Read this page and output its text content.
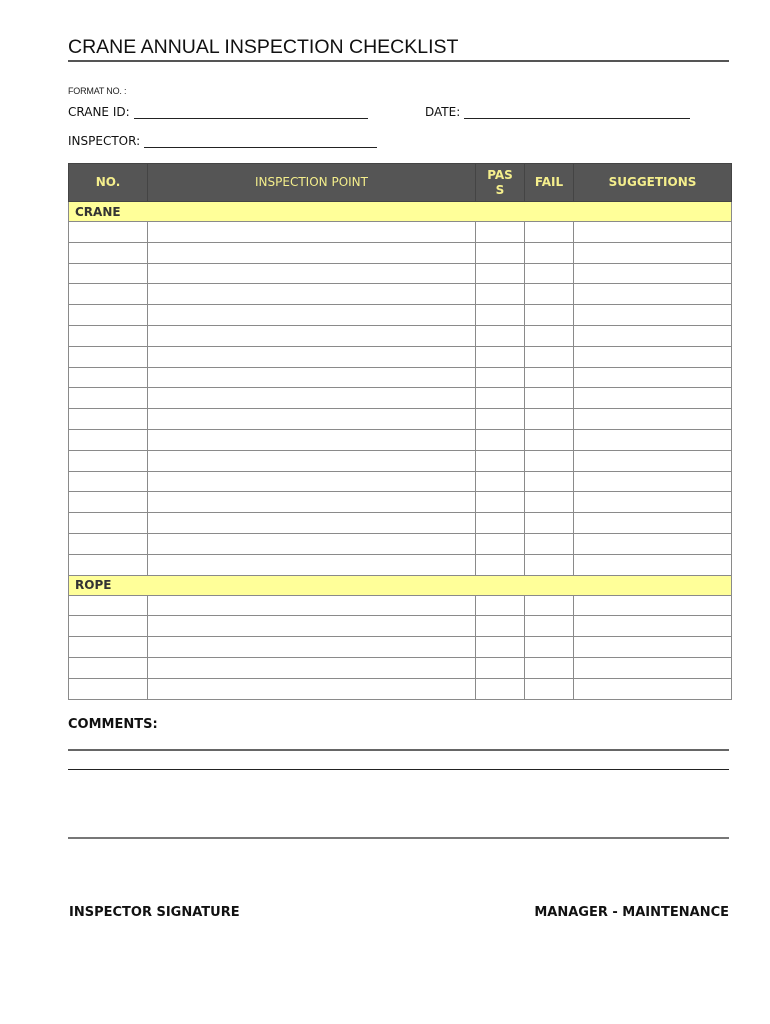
CRANE ANNUAL INSPECTION CHECKLIST
FORMAT NO. :
CRANE ID:	DATE:
INSPECTOR:
NO.	INSPECTION POINT	PASS	FAIL	SUGGETIONS
CRANE				

ROPE				

COMMENTS:
INSPECTOR SIGNATURE	MANAGER - MAINTENANCE
